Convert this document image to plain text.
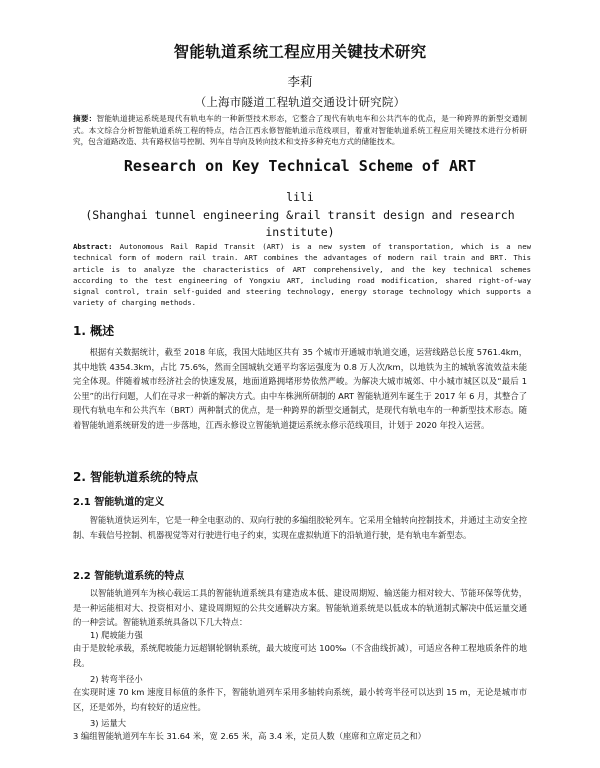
智能轨道系统工程应用关键技术研究
李莉
（上海市隧道工程轨道交通设计研究院）
摘要：智能轨道捷运系统是现代有轨电车的一种新型技术形态，它整合了现代有轨电车和公共汽车的优点，是一种跨界的新型交通制式。本文综合分析智能轨道系统工程的特点，结合江西永修智能轨道示范线项目，着重对智能轨道系统工程应用关键技术进行分析研究，包含道路改造、共有路权信号控制、列车自导向及转向技术和支持多种充电方式的储能技术。
Research on Key Technical Scheme of ART
lili
(Shanghai tunnel engineering &rail transit design and research institute)
Abstract: Autonomous Rail Rapid Transit (ART) is a new system of transportation, which is a new technical form of modern rail train. ART combines the advantages of modern rail train and BRT. This article is to analyze the characteristics of ART comprehensively, and the key technical schemes according to the test engineering of Yongxiu ART, including road modification, shared right-of-way signal control, train self-guided and steering technology, energy storage technology which supports a variety of charging methods.
1. 概述

根据有关数据统计，截至 2018 年底，我国大陆地区共有 35 个城市开通城市轨道交通，运营线路总长度 5761.4km，其中地铁 4354.3km，占比 75.6%，然而全国城轨交通平均客运强度为 0.8 万人次/km，以地铁为主的城轨客流效益未能完全体现。伴随着城市经济社会的快速发展，地面道路拥堵形势依然严峻。为解决大城市城郊、中小城市城区以及“最后 1 公里”的出行问题，人们在寻求一种新的解决方式。由中车株洲所研制的 ART 智能轨道列车诞生于 2017 年 6 月，其整合了现代有轨电车和公共汽车（BRT）两种制式的优点，是一种跨界的新型交通制式，是现代有轨电车的一种新型技术形态。随着智能轨道系统研发的进一步落地，江西永修设立智能轨道捷运系统永修示范线项目，计划于 2020 年投入运营。

2. 智能轨道系统的特点
2.1 智能轨道的定义

智能轨道快运列车，它是一种全电驱动的、双向行驶的多编组胶轮列车。它采用全轴转向控制技术，并通过主动安全控制、车载信号控制、机器视觉等对行驶进行电子约束，实现在虚拟轨道下的沿轨道行驶，是有轨电车新型态。

2.2 智能轨道系统的特点

以智能轨道列车为核心载运工具的智能轨道系统具有建造成本低、建设周期短、输送能力相对较大、节能环保等优势，是一种运能相对大、投资相对小、建设周期短的公共交通解决方案。智能轨道系统是以低成本的轨道制式解决中低运量交通的一种尝试。智能轨道系统具备以下几大特点：

1) 爬坡能力强

由于是胶轮承载，系统爬坡能力远超钢轮钢轨系统，最大坡度可达 100‰（不含曲线折减），可适应各种工程地质条件的地段。

2) 转弯半径小

在实现时速 70 km 速度目标值的条件下，智能轨道列车采用多轴转向系统，最小转弯半径可以达到 15 m，无论是城市市区，还是郊外，均有较好的适应性。

3) 运量大

3 编组智能轨道列车车长 31.64 米，宽 2.65 米，高 3.4 米，定员人数（座席和立席定员之和）
